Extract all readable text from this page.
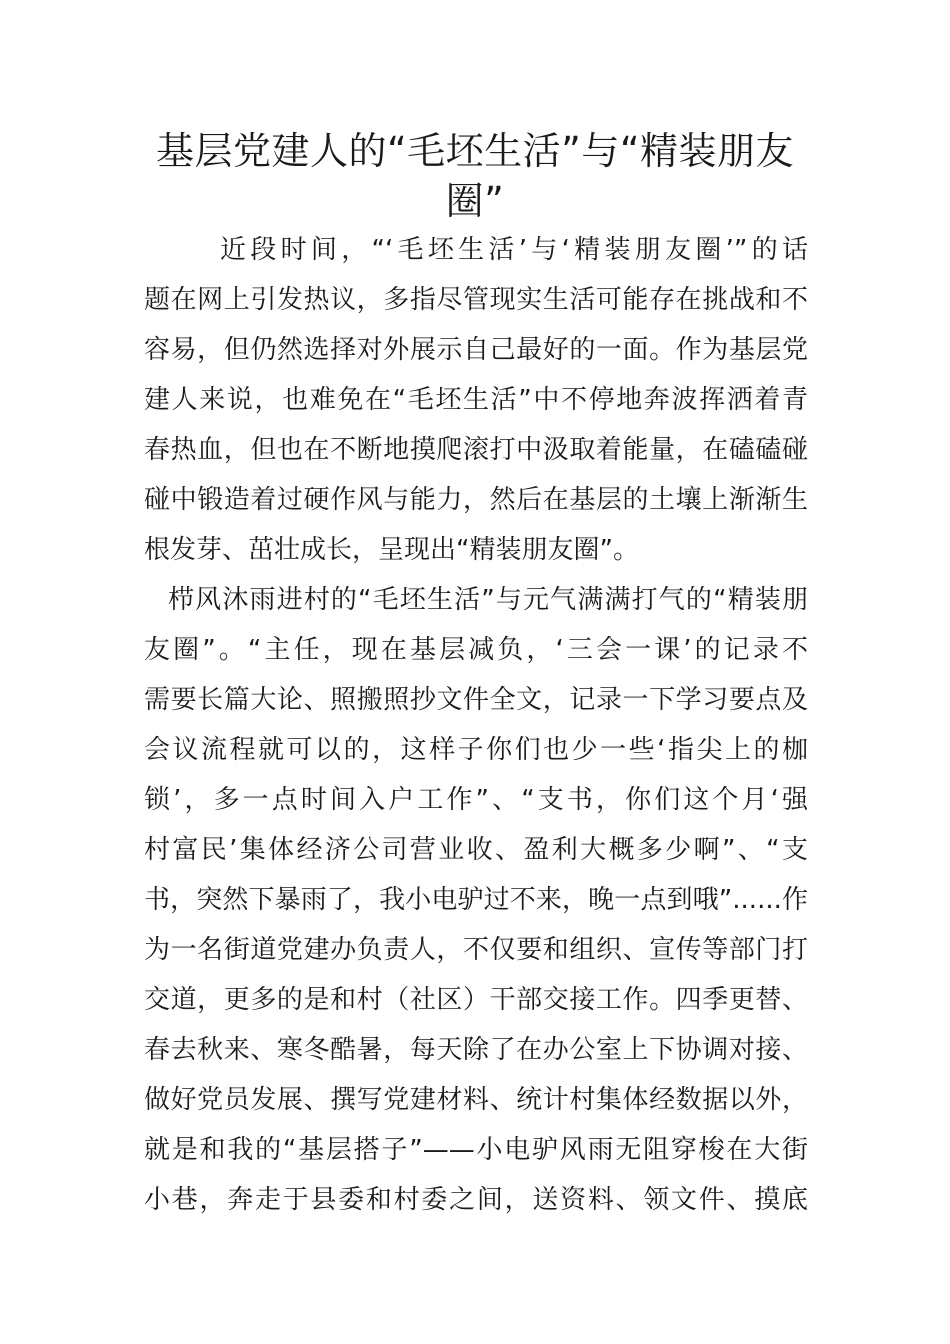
基层党建人的“毛坯生活”与“精装朋友
圈”
近段时间，“‘毛坯生活’与‘精装朋友圈’”的话
题在网上引发热议，多指尽管现实生活可能存在挑战和不
容易，但仍然选择对外展示自己最好的一面。作为基层党
建人来说，也难免在“毛坯生活”中不停地奔波挥洒着青
春热血，但也在不断地摸爬滚打中汲取着能量，在磕磕碰
碰中锻造着过硬作风与能力，然后在基层的土壤上渐渐生
根发芽、茁壮成长，呈现出“精装朋友圈”。
栉风沐雨进村的“毛坯生活”与元气满满打气的“精装朋
友圈”。“主任，现在基层减负，‘三会一课’的记录不
需要长篇大论、照搬照抄文件全文，记录一下学习要点及
会议流程就可以的，这样子你们也少一些‘指尖上的枷
锁’，多一点时间入户工作”、“支书，你们这个月‘强
村富民’集体经济公司营业收、盈利大概多少啊”、“支
书，突然下暴雨了，我小电驴过不来，晚一点到哦”......作
为一名街道党建办负责人，不仅要和组织、宣传等部门打
交道，更多的是和村（社区）干部交接工作。四季更替、
春去秋来、寒冬酷暑，每天除了在办公室上下协调对接、
做好党员发展、撰写党建材料、统计村集体经数据以外，
就是和我的“基层搭子”——小电驴风雨无阻穿梭在大街
小巷，奔走于县委和村委之间，送资料、领文件、摸底
